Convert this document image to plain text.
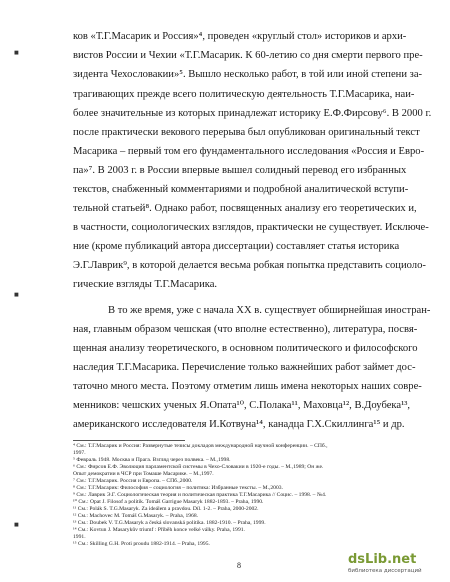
■
■
■
ков «Т.Г.Масарик и Россия»⁴, проведен «круглый стол» историков и архи-
вистов России и Чехии «Т.Г.Масарик. К 60-летию со дня смерти первого пре-
зидента Чехословакии»⁵. Вышло несколько работ, в той или иной степени за-
трагивающих прежде всего политическую деятельность Т.Г.Масарика, наи-
более значительные из которых принадлежат историку Е.Ф.Фирсову⁶. В 2000 г.
после практически векового перерыва был опубликован оригинальный текст
Масарика – первый том его фундаментального исследования «Россия и Евро-
па»⁷. В 2003 г. в России впервые вышел солидный перевод его избранных
текстов, снабженный комментариями и подробной аналитической вступи-
тельной статьей⁸. Однако работ, посвященных анализу его теоретических и,
в частности, социологических взглядов, практически не существует. Исключе-
ние (кроме публикаций автора диссертации) составляет статья историка
Э.Г.Лаврик⁹, в которой делается весьма робкая попытка представить социоло-
гические взгляды Т.Г.Масарика.
В то же время, уже с начала XX в. существует обширнейшая иностран-
ная, главным образом чешская (что вполне естественно), литература, посвя-
щенная анализу теоретического, в основном политического и философского
наследия Т.Г.Масарика. Перечисление только важнейших работ займет дос-
таточно много места. Поэтому отметим лишь имена некоторых наших совре-
менников: чешских ученых Я.Опата¹⁰, С.Полака¹¹, Маховца¹², В.Доубека¹³,
американского исследователя И.Котвуна¹⁴, канадца Г.Х.Скиллинга¹⁵ и др.
⁴ См.: Т.Г.Масарик и Россия: Развернутые тезисы докладов международной научной конференции. – СПб.,
1997.
⁵ Февраль 1948. Москва и Прага. Взгляд через полвека. – М.,1998.
⁶ См.: Фирсов Е.Ф. Эволюция парламентской системы в Чехо-Словакии в 1920-е годы. – М.,1989; Он же.
Опыт демократии в ЧСР при Томаше Масарике. – М.,1997.
⁷ См.: Т.Г.Масарик. Россия и Европа. – СПб.,2000.
⁸ См.: Т.Г.Масарик: Философия – социология – политика: Избранные тексты. – М.,2003.
⁹ См.: Лаврик Э.Г. Социологическая теория и политическая практика Т.Г.Масарика // Социс. – 1998. – №4.
¹⁰ См.: Opat J. Filosof a politik. Tomáš Garrigue Masaryk 1882-1893. – Praha, 1990.
¹¹ См.: Polák S. T.G.Masaryk. Za ideálem a pravdou. Díl. 1-2. – Praha, 2000-2002.
¹² См.: Machovec M. Tomáš G.Masaryk. – Praha, 1968.
¹³ См.: Doubek V. T.G.Masaryk a česká slovanská politika. 1882-1910. – Praha, 1999.
¹⁴ См.: Kovtun J. Masarykův triumf : Příběh konce velké války. Praha, 1991.
1991.
¹⁵ См.: Skilling G.H. Proti proudu 1882-1914. – Praha, 1995.
8	dsLib.net
библиотека диссертаций
